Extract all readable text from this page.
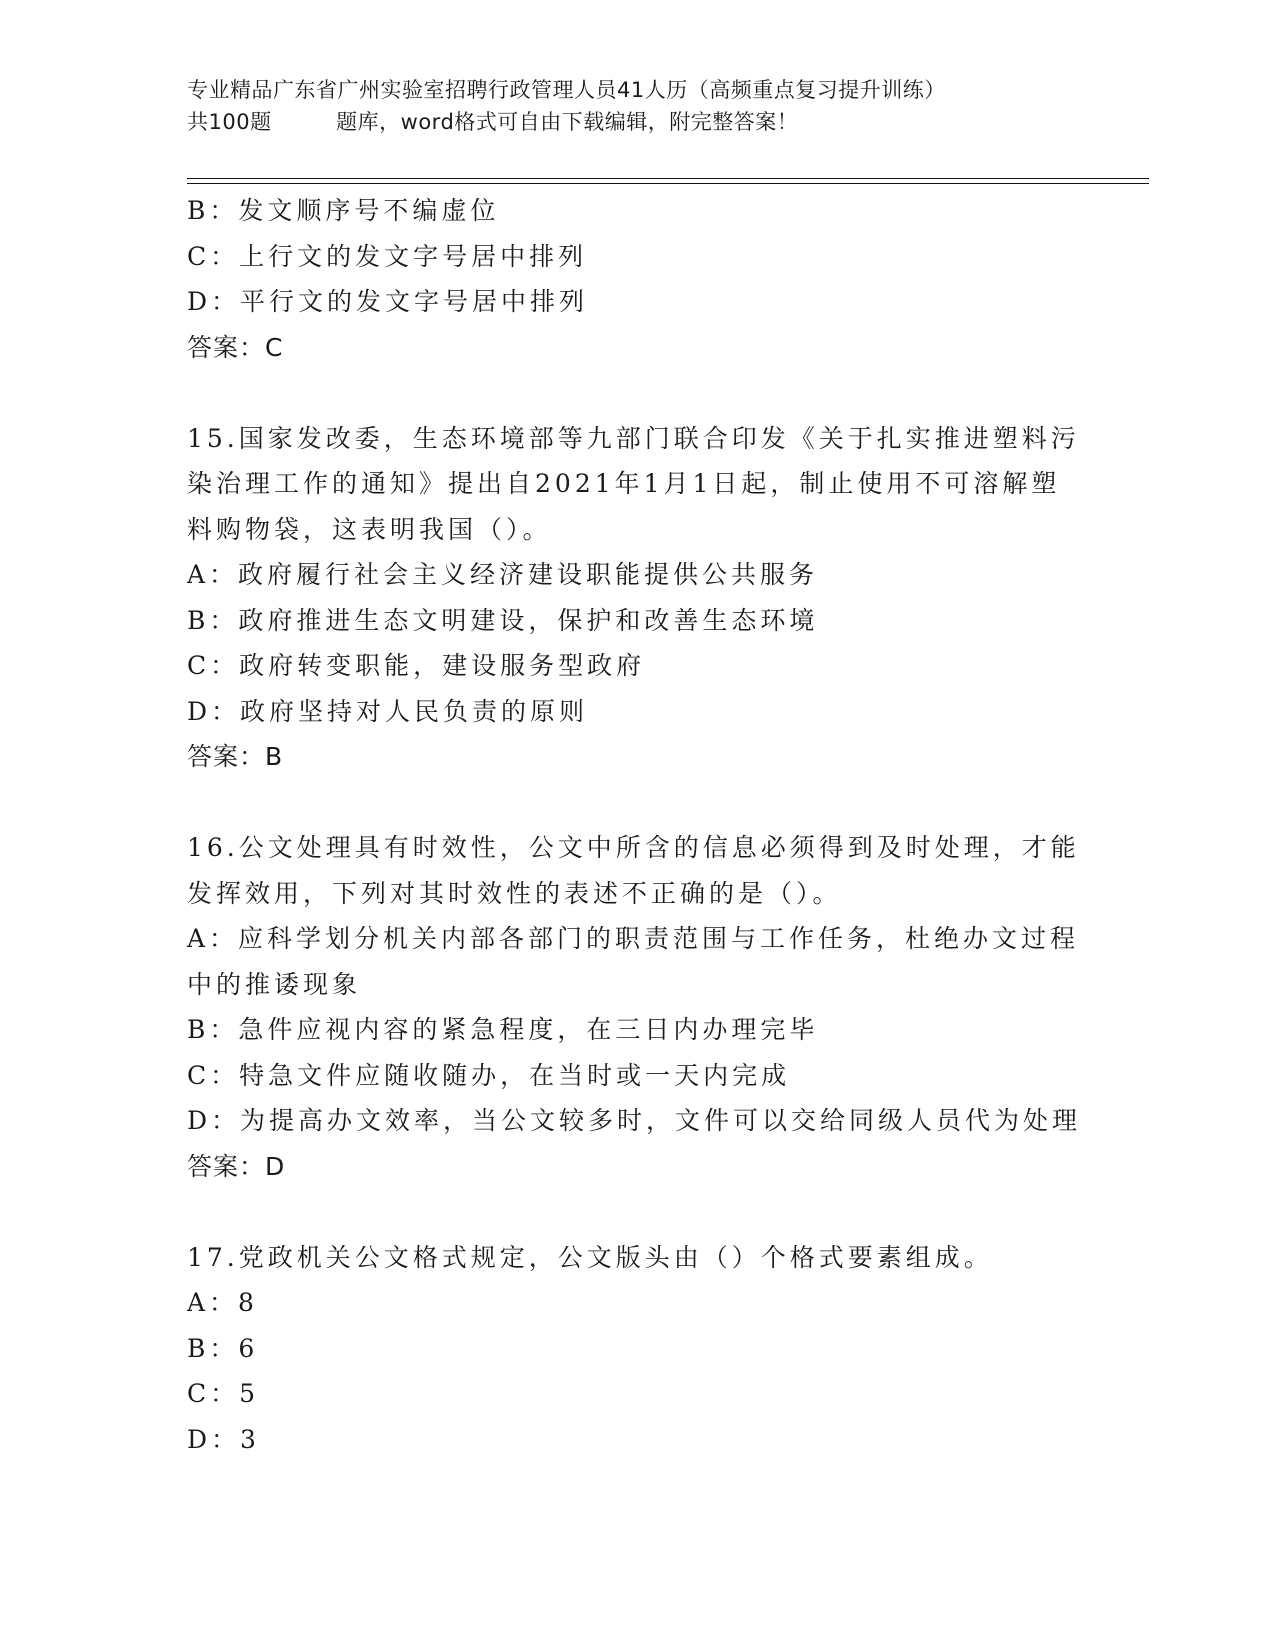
专业精品广东省广州实验室招聘行政管理人员41人历（高频重点复习提升训练）
共100题         题库，word格式可自由下载编辑，附完整答案！
B：发文顺序号不编虚位
C：上行文的发文字号居中排列
D：平行文的发文字号居中排列
答案：C
15.国家发改委，生态环境部等九部门联合印发《关于扎实推进塑料污
染治理工作的通知》提出自2021年1月1日起，制止使用不可溶解塑
料购物袋，这表明我国（）。
A：政府履行社会主义经济建设职能提供公共服务
B：政府推进生态文明建设，保护和改善生态环境
C：政府转变职能，建设服务型政府
D：政府坚持对人民负责的原则
答案：B
16.公文处理具有时效性，公文中所含的信息必须得到及时处理，才能
发挥效用，下列对其时效性的表述不正确的是（）。
A：应科学划分机关内部各部门的职责范围与工作任务，杜绝办文过程
中的推诿现象
B：急件应视内容的紧急程度，在三日内办理完毕
C：特急文件应随收随办，在当时或一天内完成
D：为提高办文效率，当公文较多时，文件可以交给同级人员代为处理
答案：D
17.党政机关公文格式规定，公文版头由（）个格式要素组成。
A：8
B：6
C：5
D：3
